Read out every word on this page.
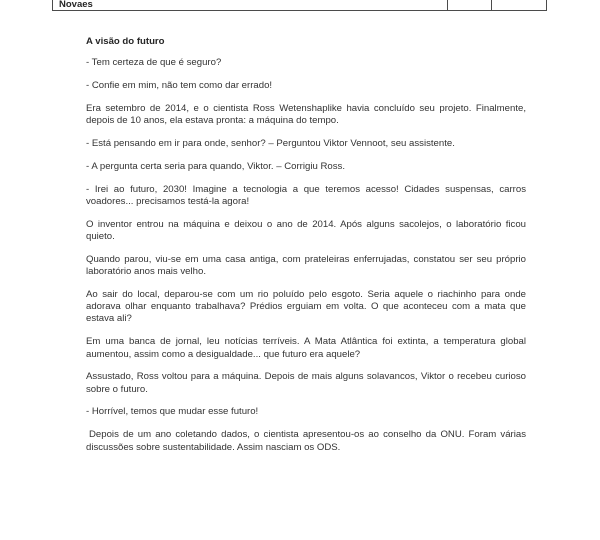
Novaes
A visão do futuro

- Tem certeza de que é seguro?

- Confie em mim, não tem como dar errado!

Era setembro de 2014, e o cientista Ross Wetenshaplike havia concluído seu projeto. Finalmente, depois de 10 anos, ela estava pronta: a máquina do tempo.

- Está pensando em ir para onde, senhor? – Perguntou Viktor Vennoot, seu assistente.

- A pergunta certa seria para quando, Viktor. – Corrigiu Ross.

- Irei ao futuro, 2030! Imagine a tecnologia a que teremos acesso! Cidades suspensas, carros voadores... precisamos testá-la agora!

O inventor entrou na máquina e deixou o ano de 2014. Após alguns sacolejos, o laboratório ficou quieto.

Quando parou, viu-se em uma casa antiga, com prateleiras enferrujadas, constatou ser seu próprio laboratório anos mais velho.

Ao sair do local, deparou-se com um rio poluído pelo esgoto. Seria aquele o riachinho para onde adorava olhar enquanto trabalhava? Prédios erguiam em volta. O que aconteceu com a mata que estava ali?

Em uma banca de jornal, leu notícias terríveis. A Mata Atlântica foi extinta, a temperatura global aumentou, assim como a desigualdade... que futuro era aquele?

Assustado, Ross voltou para a máquina. Depois de mais alguns solavancos, Viktor o recebeu curioso sobre o futuro.

- Horrível, temos que mudar esse futuro!

Depois de um ano coletando dados, o cientista apresentou-os ao conselho da ONU. Foram várias discussões sobre sustentabilidade. Assim nasciam os ODS.
